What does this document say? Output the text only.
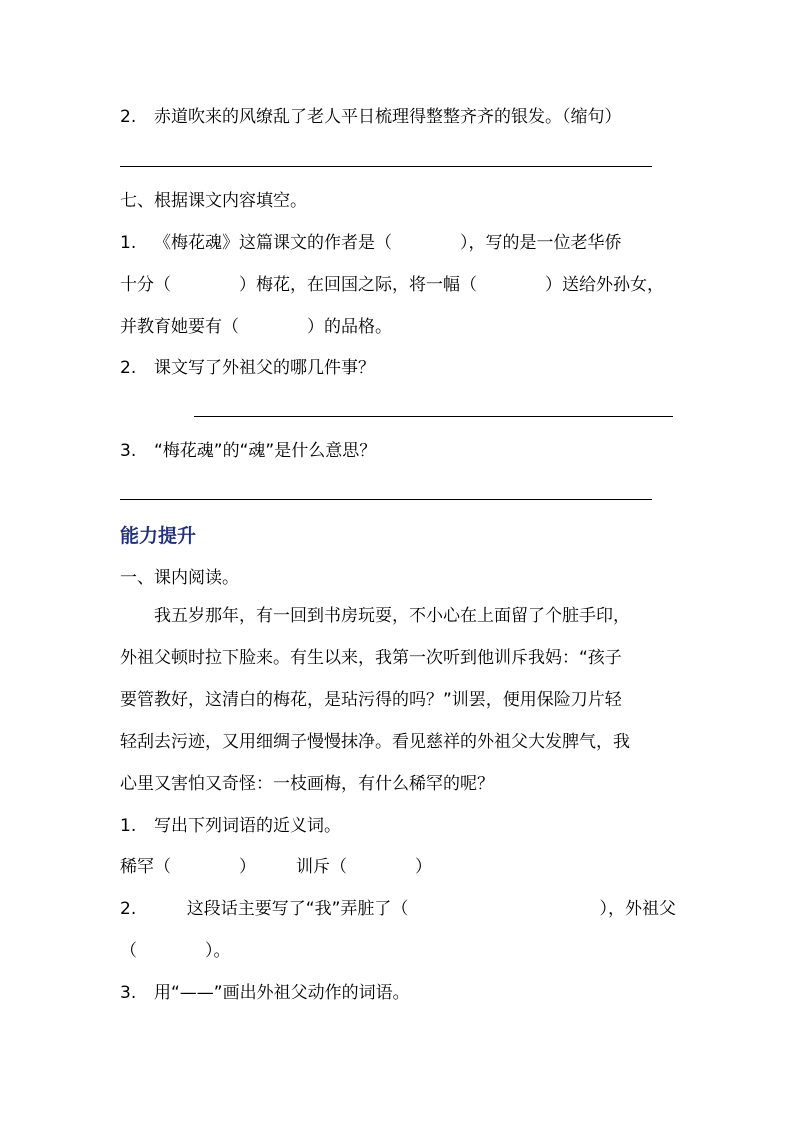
2. 赤道吹来的风缭乱了老人平日梳理得整整齐齐的银发。（缩句）
七、根据课文内容填空。
1. 《梅花魂》这篇课文的作者是（　　　　），写的是一位老华侨
十分（　　　　）梅花，在回国之际，将一幅（　　　　）送给外孙女，
并教育她要有（　　　　）的品格。
2. 课文写了外祖父的哪几件事？
3. “梅花魂”的“魂”是什么意思？
能力提升
一、课内阅读。
　　我五岁那年，有一回到书房玩耍，不小心在上面留了个脏手印，
外祖父顿时拉下脸来。有生以来，我第一次听到他训斥我妈：“孩子
要管教好，这清白的梅花，是玷污得的吗？”训罢，便用保险刀片轻
轻刮去污迹，又用细绸子慢慢抹净。看见慈祥的外祖父大发脾气，我
心里又害怕又奇怪：一枝画梅，有什么稀罕的呢？
1. 写出下列词语的近义词。
稀罕（　　　　） 训斥（　　　　）
2.	这段话主要写了“我”弄脏了（	），外祖父
（　　　　）。
3. 用“——”画出外祖父动作的词语。
